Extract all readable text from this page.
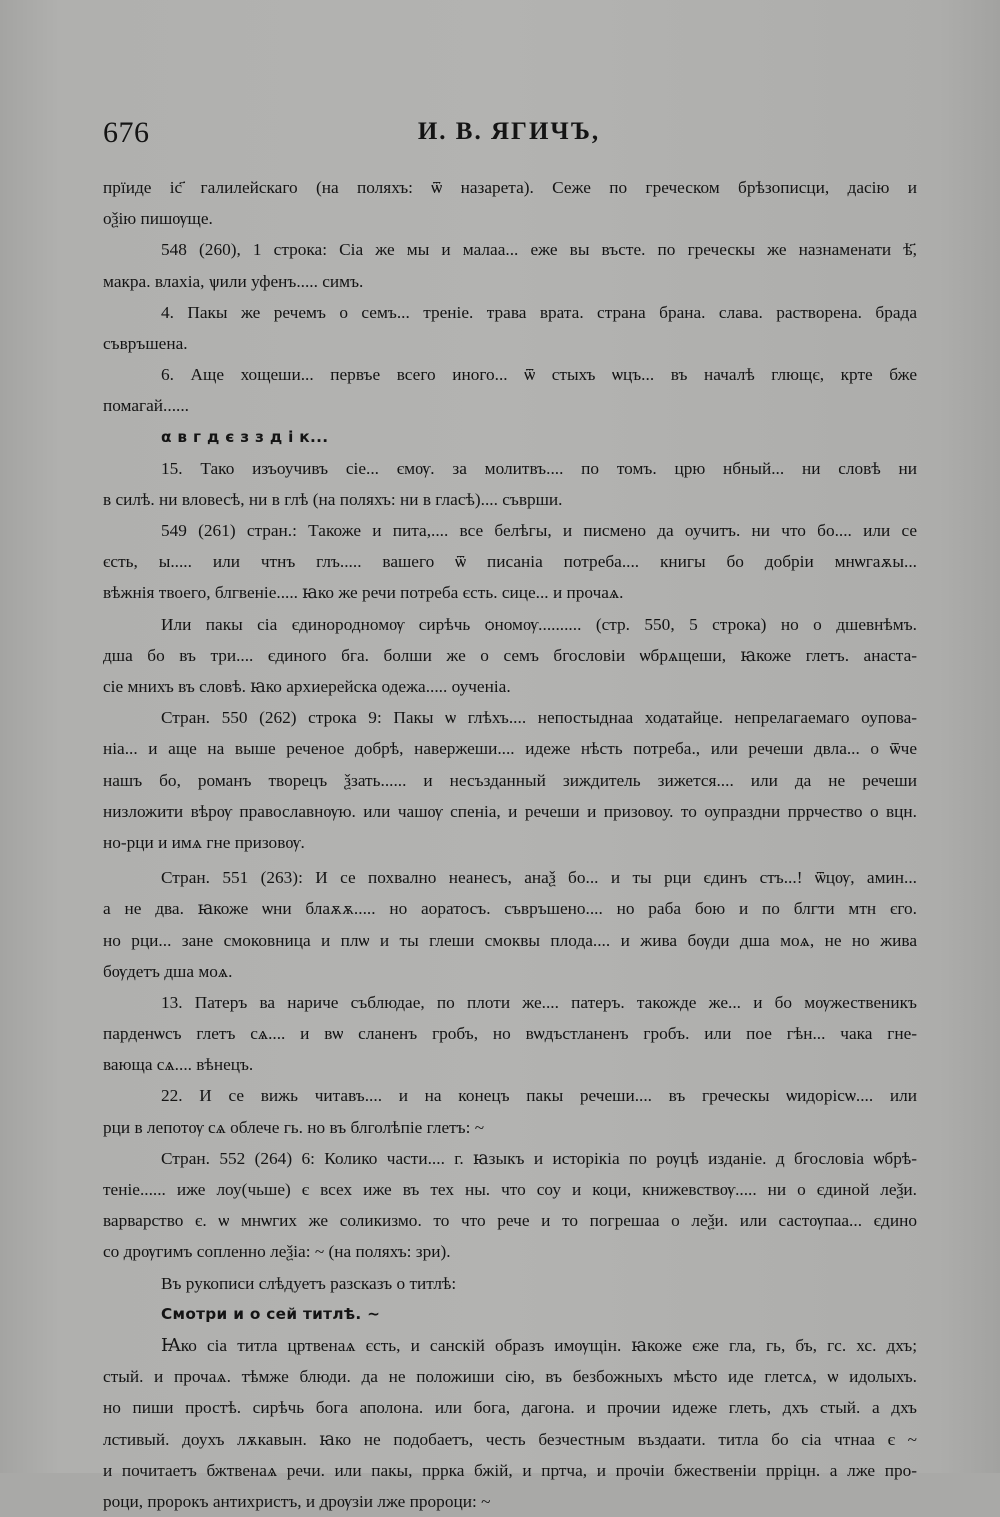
676	И. В. ЯГИЧЪ,
прїиде іс҃ галилейскаго (на поляхъ: ѿ назарета). Сеже по греческом брѣзописци, дасію и
оѯію пишѹще.
548 (260), 1 строка: Сіа же мы и малаа... еже вы въсте. по греческы же назнаменати ѣ҃,
макра. влахіа, ѱили уфенъ..... симъ.
4. Пакы же речемъ о семъ... треніе. трава врата. страна брана. слава. растворена. брада
съвръшена.
6. Аще хощеши... первъе всего иного... ѿ стыхъ ѡцъ... въ началѣ глющє, крте бже
помагай......
α в г д є з з д і к...
15. Тако изъоучивъ сіе... ємѹ. за молитвъ.... по томъ. црю нбный... ни словѣ ни
в силѣ. ни вловесѣ, ни в глѣ (на поляхъ: ни в гласѣ).... съврши.
549 (261) стран.: Такоже и пита,.... все белѣгы, и писмено да оучитъ. ни что бо.... или се
єсть, ы..... или чтнъ глъ..... вашего ѿ писаніа потреба.... книгы бо добріи мнѡгаѫы...
вѣжнія твоего, блгвеніе..... ꙗко же речи потреба єсть. сице... и прочаѧ.
Или пакы сіа єдинородномѹ сирѣчь ѻномѹ.......... (стр. 550, 5 строка) но о дшевнѣмъ.
дша бо въ три.... єдиного бга. болши же о семъ бгословіи ѡбрѧщеши, ꙗкоже глетъ. анаста-
сіе мнихъ въ словѣ. ꙗко архиерейска одежа..... оученіа.
Стран. 550 (262) строка 9: Пакы ѡ глѣхъ.... непостыднаа ходатайце. непрелагаемаго оупова-
ніа... и аще на выше реченое добрѣ, навержеши.... идеже нѣсть потреба., или речеши двла... о ѿче
нашъ бо, романъ творецъ ѯзать...... и несъзданный зиждитель зижется.... или да не речеши
низложити вѣрѹ православнѹю. или чашѹ спеніа, и речеши и призовоу. то оупраздни пррчество о вцн.
но-рци и имѧ гне призовѹ.
Стран. 551 (263): И се похвално неанесъ, анаѯ бо... и ты рци єдинъ стъ...! ѿцѹ, амин...
а не два. ꙗкоже ѡни блаѫѫ..... но аоратосъ. съвръшено.... но раба бою и по блгти мтн єго.
но рци... зане смоковница и плѡ и ты глеши смоквы плода.... и жива бѹди дша моѧ, не но жива
бѹдетъ дша моѧ.
13. Патеръ ва нариче съблюдае, по плоти же.... патеръ. такожде же... и бо мѹжественикъ
парденѡсъ глетъ сѧ.... и вѡ сланенъ гробъ, но вѡдъстланенъ гробъ. или пое гѣн... чака гне-
вающа сѧ.... вѣнецъ.
22. И се вижь читавъ.... и на конецъ пакы речеши.... въ греческы ѡидорісѡ.... или
рци в лепотѹ сѧ облече гь. но въ блголѣпіе глетъ: ~
Стран. 552 (264) 6: Колико части.... г. ꙗзыкъ и исторікіа по рѹцѣ изданіе. д бгословіа ѡбрѣ-
теніе...... иже лоу(чьше) є всех иже въ тех ны. что соу и коци, книжевствѹ..... ни о єдиной леѯи.
варварство є. ѡ мнѡгих же соликизмо. то что рече и то погрешаа о леѯи. или састѹпаа... єдино
со дрѹгимъ сопленно леѯіа: ~ (на поляхъ: зри).
Въ рукописи слѣдуетъ разсказъ о титлѣ:
Смотри и о сей титлѣ. ~
Ꙗко сіа титла цртвенаѧ єсть, и санскій образъ имѹщін. ꙗкоже єже гла, гь, бъ, гс. хс. дхъ;
стый. и прочаѧ. тѣмже блюди. да не положиши сію, въ безбожныхъ мѣсто иде глетсѧ, ѡ идолыхъ.
но пиши простѣ. сирѣчь бога аполона. или бога, дагона. и прочии идеже глеть, дхъ стый. а дхъ
лстивый. доухъ лѫкавын. ꙗко не подобаетъ, честь безчестным въздаати. титла бо сіа чтнаа є ~
и почитаетъ бжтвенаѧ речи. или пакы, пррка бжій, и пртча, и прочіи бжественіи прріцн. а лже про-
роци, пророкъ антихристъ, и дрѹзіи лже пророци: ~
